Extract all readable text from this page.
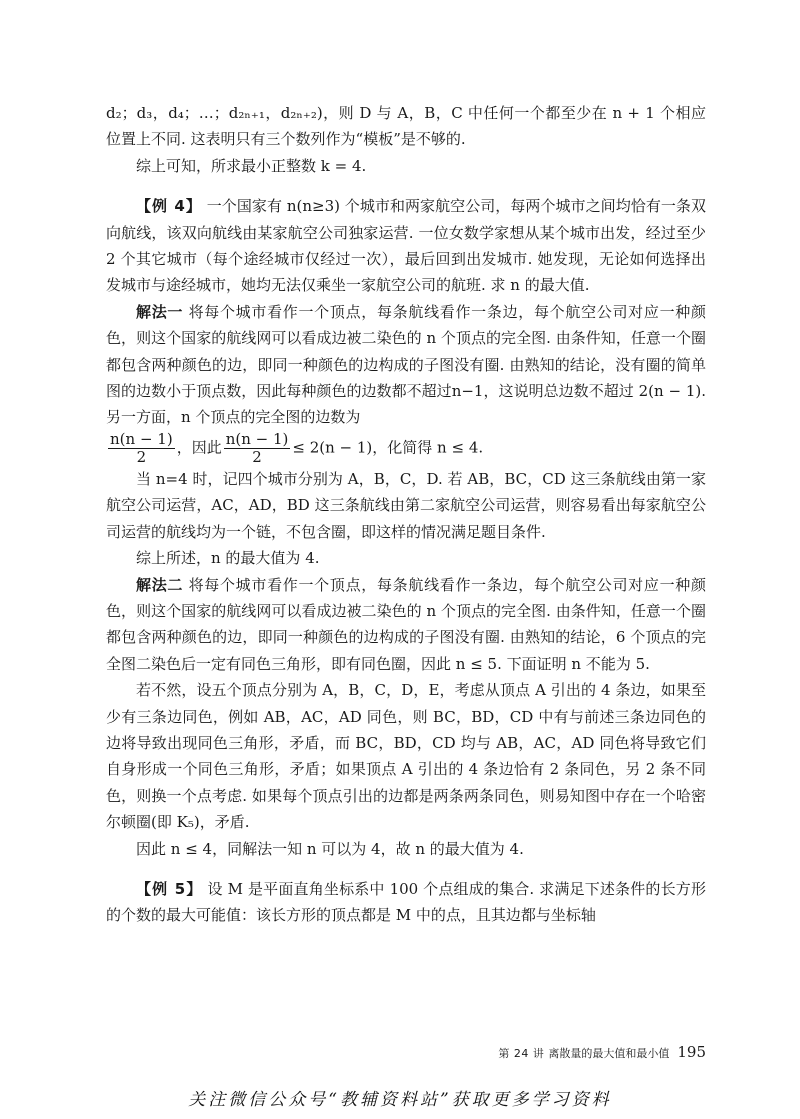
d₂；d₃，d₄；…；d₂ₙ₊₁，d₂ₙ₊₂)，则 D 与 A，B，C 中任何一个都至少在 n + 1 个相应位置上不同. 这表明只有三个数列作为“模板”是不够的.

综上可知，所求最小正整数 k = 4.

【例 4】 一个国家有 n(n≥3) 个城市和两家航空公司，每两个城市之间均恰有一条双向航线，该双向航线由某家航空公司独家运营. 一位女数学家想从某个城市出发，经过至少 2 个其它城市（每个途经城市仅经过一次），最后回到出发城市. 她发现，无论如何选择出发城市与途经城市，她均无法仅乘坐一家航空公司的航班. 求 n 的最大值.

解法一 将每个城市看作一个顶点，每条航线看作一条边，每个航空公司对应一种颜色，则这个国家的航线网可以看成边被二染色的 n 个顶点的完全图. 由条件知，任意一个圈都包含两种颜色的边，即同一种颜色的边构成的子图没有圈. 由熟知的结论，没有圈的简单图的边数小于顶点数，因此每种颜色的边数都不超过n−1，这说明总边数不超过 2(n − 1). 另一方面，n 个顶点的完全图的边数为

$\frac{n(n - 1)}{2}$ ，因此 $\frac{n(n - 1)}{2} \le 2(n - 1)$，化简得 n ≤ 4.

当 n=4 时，记四个城市分别为 A，B，C，D. 若 AB，BC，CD 这三条航线由第一家航空公司运营，AC，AD，BD 这三条航线由第二家航空公司运营，则容易看出每家航空公司运营的航线均为一个链，不包含圈，即这样的情况满足题目条件.

综上所述，n 的最大值为 4.

解法二 将每个城市看作一个顶点，每条航线看作一条边，每个航空公司对应一种颜色，则这个国家的航线网可以看成边被二染色的 n 个顶点的完全图. 由条件知，任意一个圈都包含两种颜色的边，即同一种颜色的边构成的子图没有圈. 由熟知的结论，6 个顶点的完全图二染色后一定有同色三角形，即有同色圈，因此 n ≤ 5. 下面证明 n 不能为 5.

若不然，设五个顶点分别为 A，B，C，D，E，考虑从顶点 A 引出的 4 条边，如果至少有三条边同色，例如 AB，AC，AD 同色，则 BC，BD，CD 中有与前述三条边同色的边将导致出现同色三角形，矛盾，而 BC，BD，CD 均与 AB，AC，AD 同色将导致它们自身形成一个同色三角形，矛盾；如果顶点 A 引出的 4 条边恰有 2 条同色，另 2 条不同色，则换一个点考虑. 如果每个顶点引出的边都是两条两条同色，则易知图中存在一个哈密尔顿圈(即 K₅)，矛盾.

因此 n ≤ 4，同解法一知 n 可以为 4，故 n 的最大值为 4.

【例 5】 设 M 是平面直角坐标系中 100 个点组成的集合. 求满足下述条件的长方形的个数的最大可能值：该长方形的顶点都是 M 中的点，且其边都与坐标轴

第 24 讲 离散量的最大值和最小值 195
关注微信公众号“教辅资料站”获取更多学习资料
